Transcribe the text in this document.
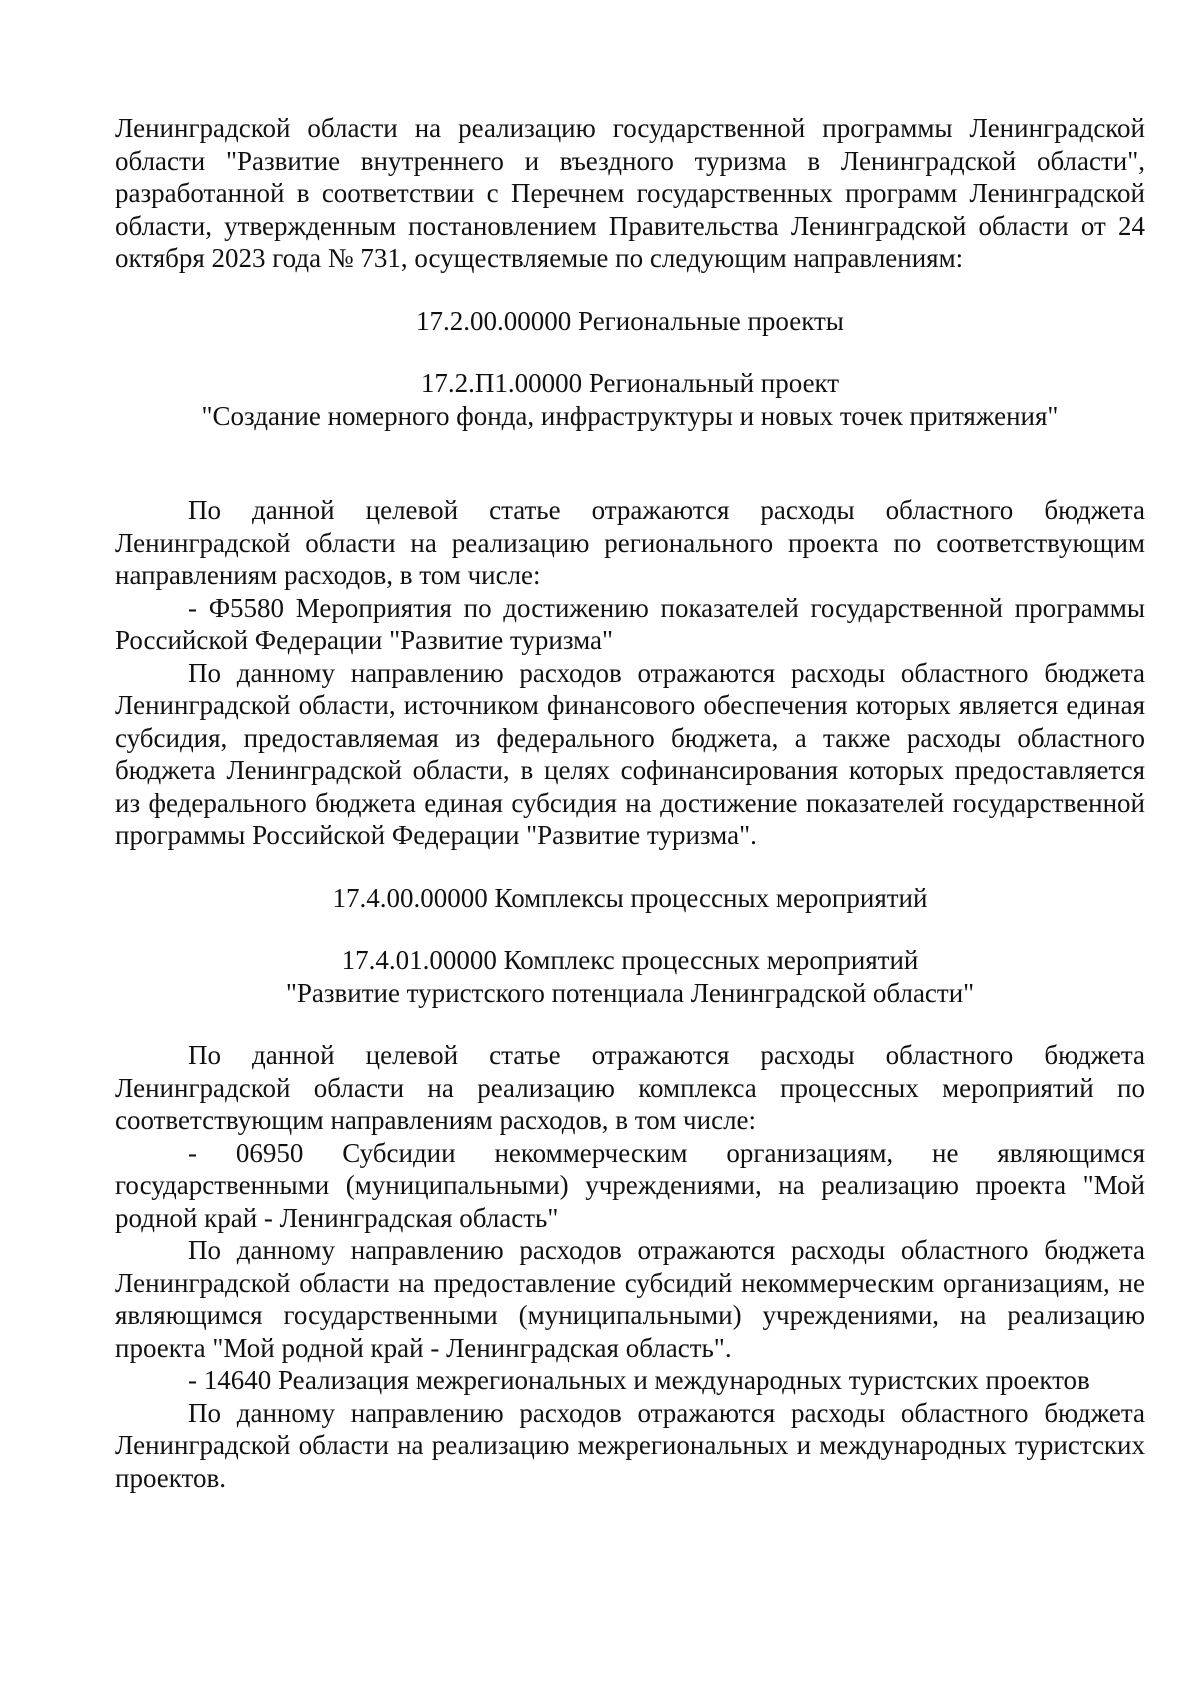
Ленинградской области на реализацию государственной программы Ленинградской области "Развитие внутреннего и въездного туризма в Ленинградской области", разработанной в соответствии с Перечнем государственных программ Ленинградской области, утвержденным постановлением Правительства Ленинградской области от 24 октября 2023 года № 731, осуществляемые по следующим направлениям:

17.2.00.00000 Региональные проекты

17.2.П1.00000 Региональный проект

"Создание номерного фонда, инфраструктуры и новых точек притяжения"

По данной целевой статье отражаются расходы областного бюджета Ленинградской области на реализацию регионального проекта по соответствующим направлениям расходов, в том числе:

- Ф5580 Мероприятия по достижению показателей государственной программы Российской Федерации "Развитие туризма"

По данному направлению расходов отражаются расходы областного бюджета Ленинградской области, источником финансового обеспечения которых является единая субсидия, предоставляемая из федерального бюджета, а также расходы областного бюджета Ленинградской области, в целях софинансирования которых предоставляется из федерального бюджета единая субсидия на достижение показателей государственной программы Российской Федерации "Развитие туризма".

17.4.00.00000 Комплексы процессных мероприятий

17.4.01.00000 Комплекс процессных мероприятий

"Развитие туристского потенциала Ленинградской области"

По данной целевой статье отражаются расходы областного бюджета Ленинградской области на реализацию комплекса процессных мероприятий по соответствующим направлениям расходов, в том числе:

- 06950 Субсидии некоммерческим организациям, не являющимся государственными (муниципальными) учреждениями, на реализацию проекта "Мой родной край - Ленинградская область"

По данному направлению расходов отражаются расходы областного бюджета Ленинградской области на предоставление субсидий некоммерческим организациям, не являющимся государственными (муниципальными) учреждениями, на реализацию проекта "Мой родной край - Ленинградская область".

- 14640 Реализация межрегиональных и международных туристских проектов

По данному направлению расходов отражаются расходы областного бюджета Ленинградской области на реализацию межрегиональных и международных туристских проектов.
